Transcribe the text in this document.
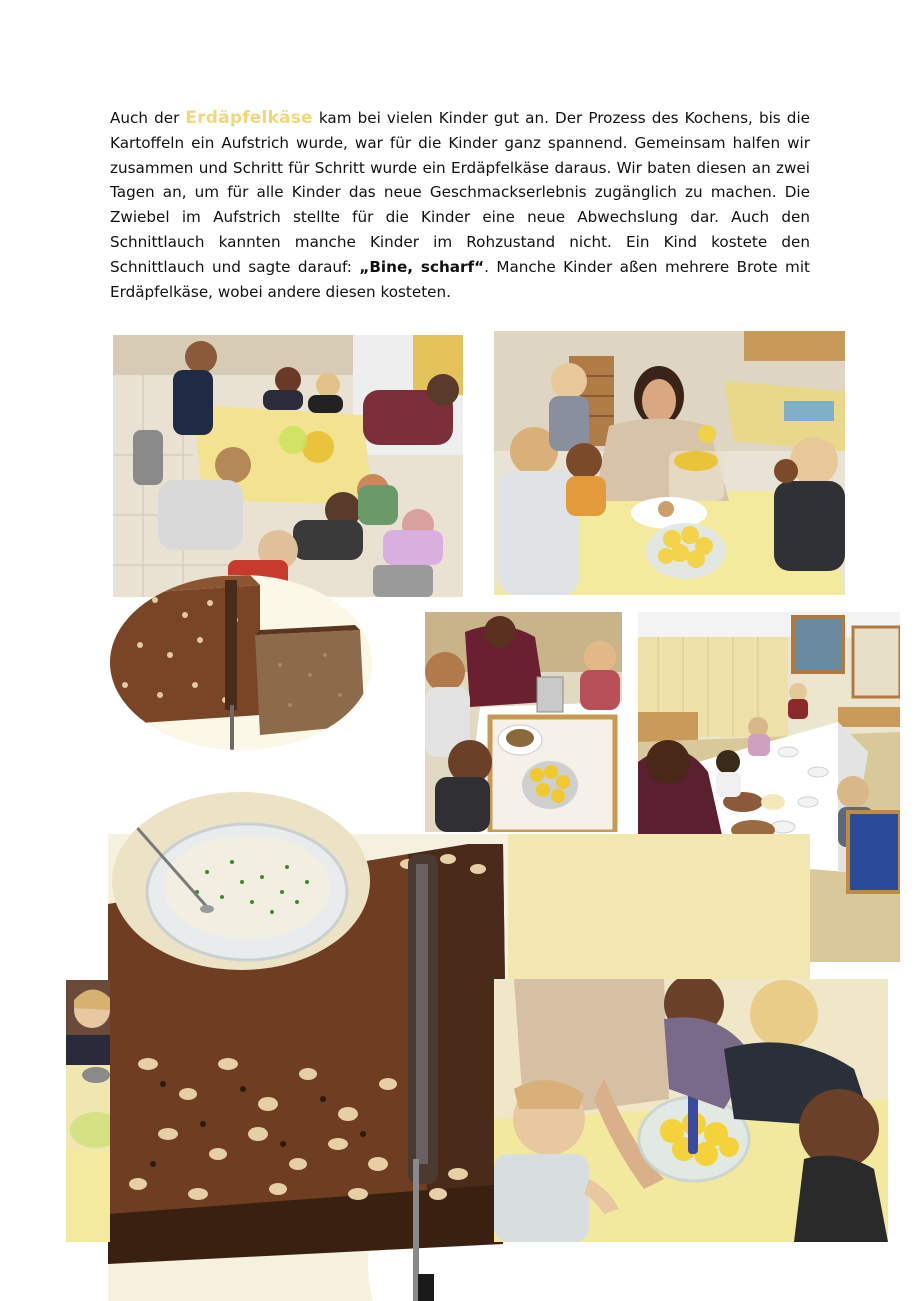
Auch der Erdäpfelkäse kam bei vielen Kinder gut an. Der Prozess des Kochens, bis die Kartoffeln ein Aufstrich wurde, war für die Kinder ganz spannend. Gemeinsam halfen wir zusammen und Schritt für Schritt wurde ein Erdäpfelkäse daraus. Wir baten diesen an zwei Tagen an, um für alle Kinder das neue Geschmackserlebnis zugänglich zu machen. Die Zwiebel im Aufstrich stellte für die Kinder eine neue Abwechslung dar. Auch den Schnittlauch kannten manche Kinder im Rohzustand nicht. Ein Kind kostete den Schnittlauch und sagte darauf: „Bine, scharf“. Manche Kinder aßen mehrere Brote mit Erdäpfelkäse, wobei andere diesen kosteten.
